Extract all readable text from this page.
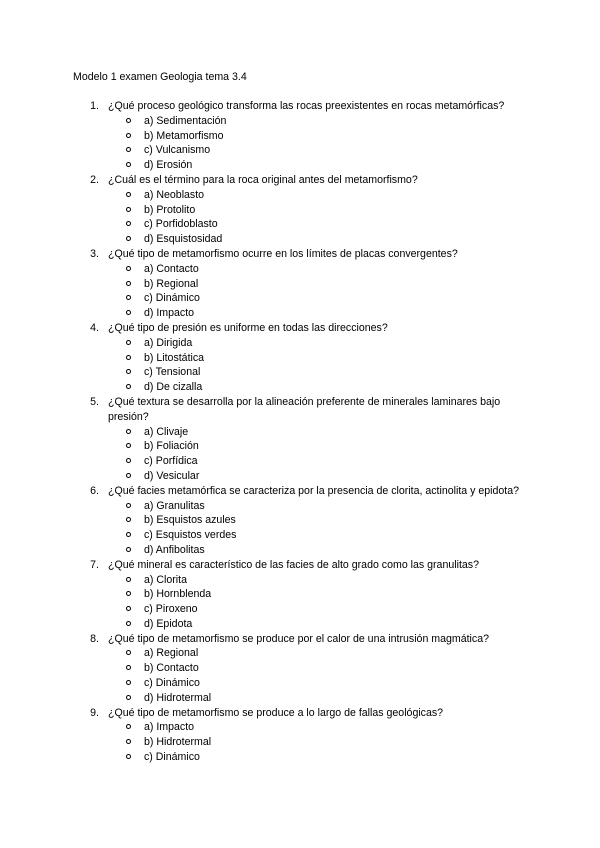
Modelo 1 examen Geologia tema 3.4
1. ¿Qué proceso geológico transforma las rocas preexistentes en rocas metamórficas?
a) Sedimentación
b) Metamorfismo
c) Vulcanismo
d) Erosión
2. ¿Cuál es el término para la roca original antes del metamorfismo?
a) Neoblasto
b) Protolito
c) Porfidoblasto
d) Esquistosidad
3. ¿Qué tipo de metamorfismo ocurre en los límites de placas convergentes?
a) Contacto
b) Regional
c) Dinámico
d) Impacto
4. ¿Qué tipo de presión es uniforme en todas las direcciones?
a) Dirigida
b) Litostática
c) Tensional
d) De cizalla
5. ¿Qué textura se desarrolla por la alineación preferente de minerales laminares bajo presión?
a) Clivaje
b) Foliación
c) Porfídica
d) Vesicular
6. ¿Qué facies metamórfica se caracteriza por la presencia de clorita, actinolita y epidota?
a) Granulitas
b) Esquistos azules
c) Esquistos verdes
d) Anfibolitas
7. ¿Qué mineral es característico de las facies de alto grado como las granulitas?
a) Clorita
b) Hornblenda
c) Piroxeno
d) Epidota
8. ¿Qué tipo de metamorfismo se produce por el calor de una intrusión magmática?
a) Regional
b) Contacto
c) Dinámico
d) Hidrotermal
9. ¿Qué tipo de metamorfismo se produce a lo largo de fallas geológicas?
a) Impacto
b) Hidrotermal
c) Dinámico
